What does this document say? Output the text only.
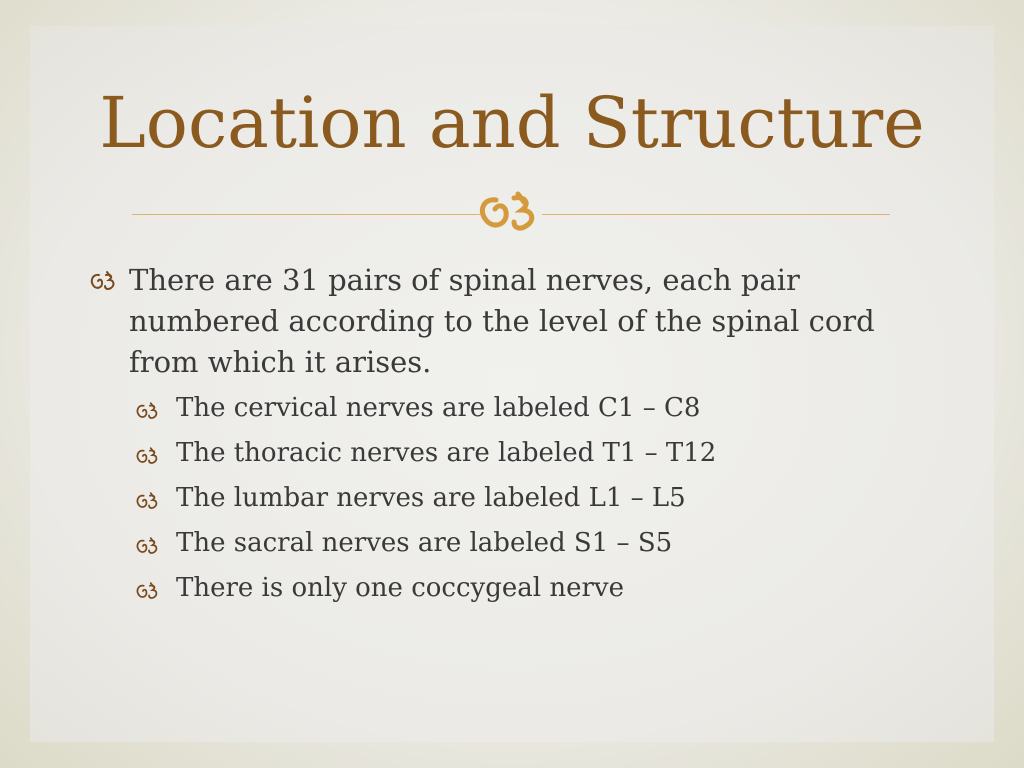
Location and Structure
There are 31 pairs of spinal nerves, each pair numbered according to the level of the spinal cord from which it arises.
The cervical nerves are labeled C1 – C8
The thoracic nerves are labeled T1 – T12
The lumbar nerves are labeled L1 – L5
The sacral nerves are labeled S1 – S5
There is only one coccygeal nerve
